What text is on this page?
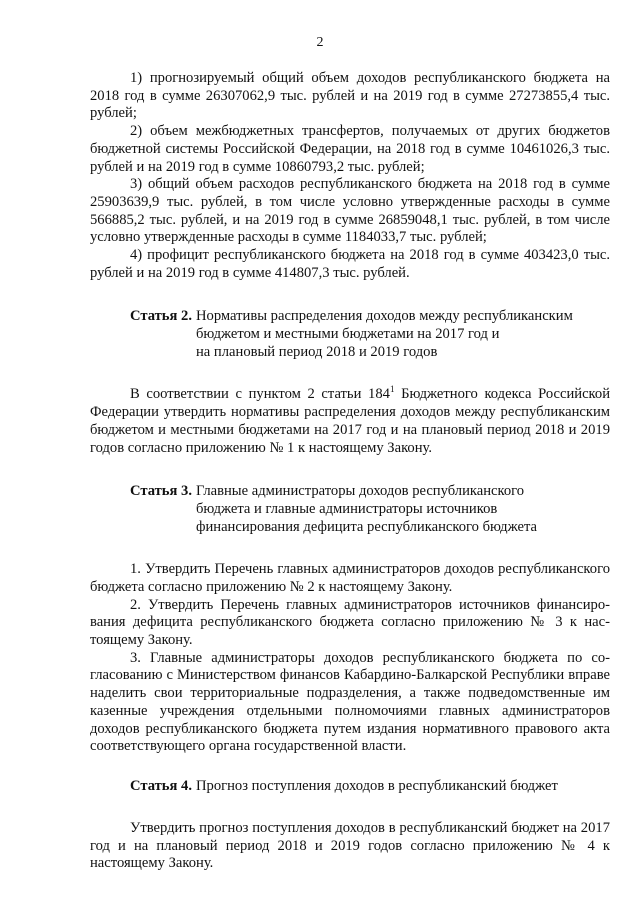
2

1) прогнозируемый общий объем доходов республиканского бюджета на 2018 год в сумме 26307062,9 тыс. рублей и на 2019 год в сумме 27273855,4 тыс. рублей;

2) объем межбюджетных трансфертов, получаемых от других бюджетов бюджетной системы Российской Федерации, на 2018 год в сумме 10461026,3 тыс. рублей и на 2019 год в сумме 10860793,2 тыс. рублей;

3) общий объем расходов республиканского бюджета на 2018 год в сумме 25903639,9 тыс. рублей, в том числе условно утвержденные расходы в сумме 566885,2 тыс. рублей, и на 2019 год в сумме 26859048,1 тыс. рублей, в том числе условно утвержденные расходы в сумме 1184033,7 тыс. рублей;

4) профицит республиканского бюджета на 2018 год в сумме 403423,0 тыс. рублей и на 2019 год в сумме 414807,3 тыс. рублей.

Статья 2. Нормативы распределения доходов между республиканским
бюджетом и местными бюджетами на 2017 год и
на плановый период 2018 и 2019 годов

В соответствии с пунктом 2 статьи $184^1$ Бюджетного кодекса Российской Федерации утвердить нормативы распределения доходов между республиканским бюджетом и местными бюджетами на 2017 год и на плановый период 2018 и 2019 годов согласно приложению № 1 к настоящему Закону.

Статья 3. Главные администраторы доходов республиканского
бюджета и главные администраторы источников
финансирования дефицита республиканского бюджета

1. Утвердить Перечень главных администраторов доходов республиканского бюджета согласно приложению № 2 к настоящему Закону.

2. Утвердить Перечень главных администраторов источников финансирования дефицита республиканского бюджета согласно приложению № 3 к настоящему Закону.

3. Главные администраторы доходов республиканского бюджета по согласованию с Министерством финансов Кабардино-Балкарской Республики вправе наделить свои территориальные подразделения, а также подведомственные им казенные учреждения отдельными полномочиями главных администраторов доходов республиканского бюджета путем издания нормативного правового акта соответствующего органа государственной власти.

Статья 4. Прогноз поступления доходов в республиканский бюджет

Утвердить прогноз поступления доходов в республиканский бюджет на 2017 год и на плановый период 2018 и 2019 годов согласно приложению № 4 к настоящему Закону.
